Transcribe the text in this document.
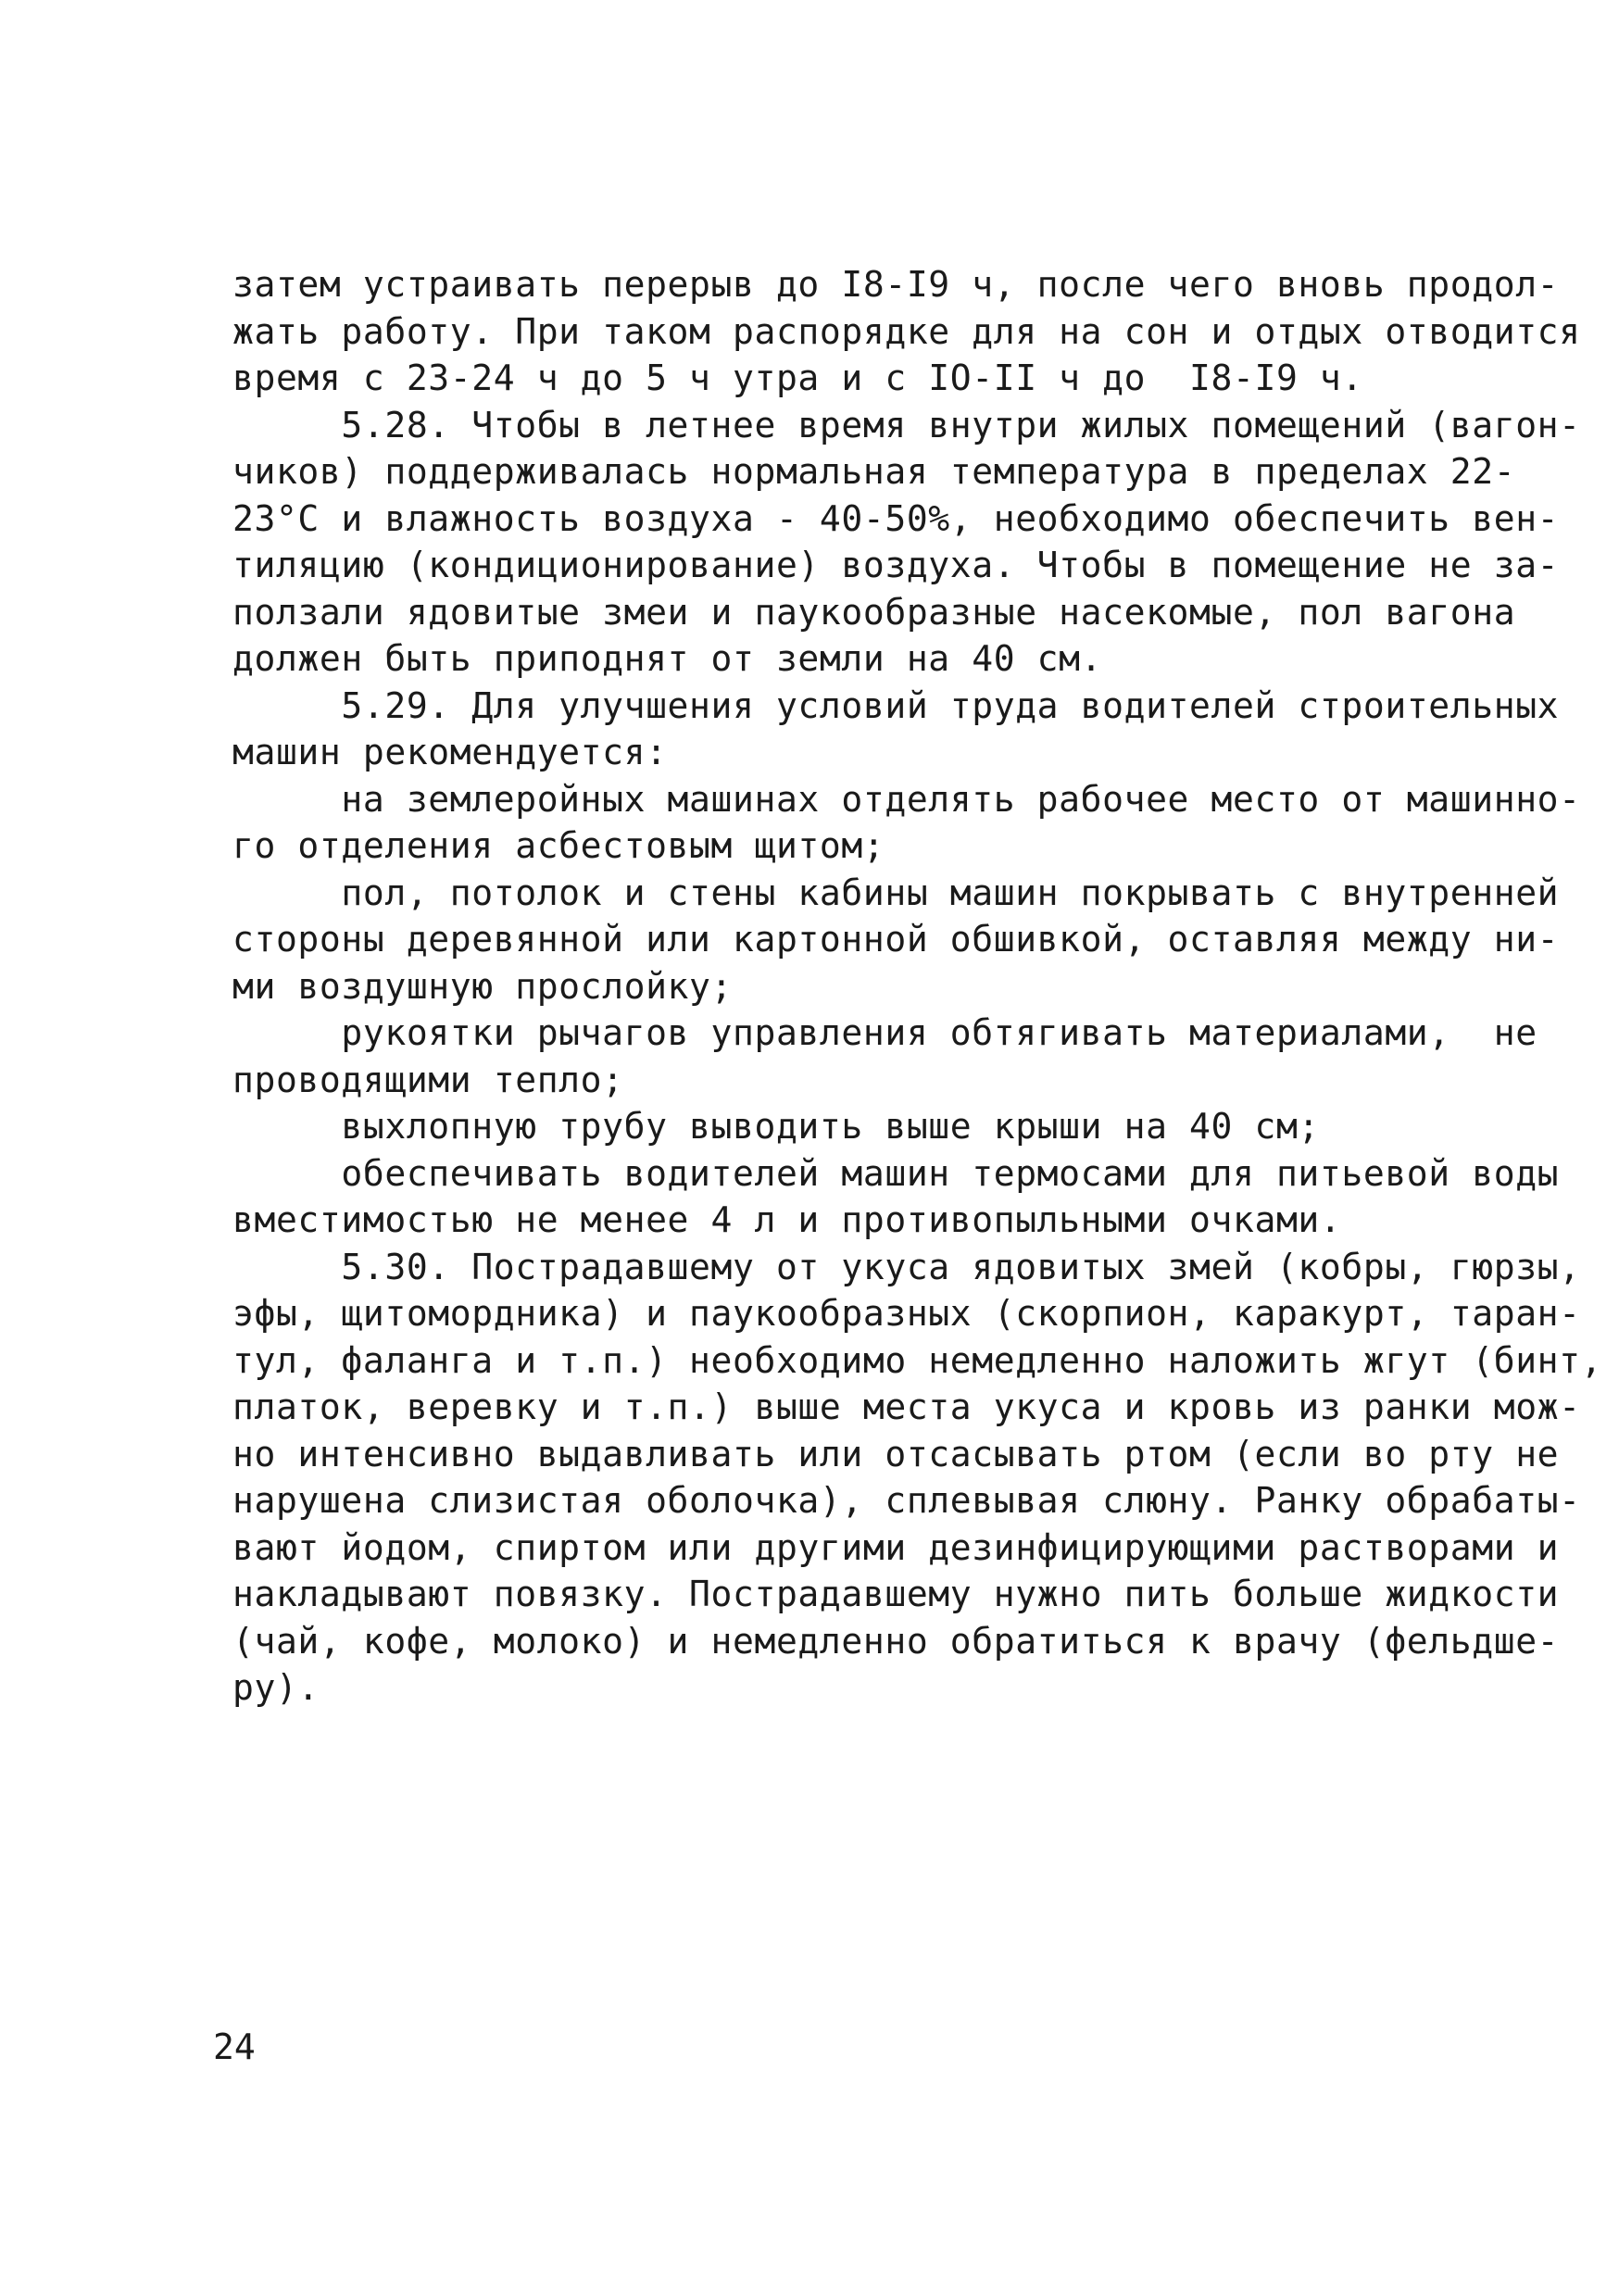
затем устраивать перерыв до I8-I9 ч, после чего вновь продол-
жать работу. При таком распорядке для на сон и отдых отводится
время с 23-24 ч до 5 ч утра и с IO-II ч до  I8-I9 ч.
5.28. Чтобы в летнее время внутри жилых помещений (вагон-
чиков) поддерживалась нормальная температура в пределах 22-
23°С и влажность воздуха - 40-50%, необходимо обеспечить вен-
тиляцию (кондиционирование) воздуха. Чтобы в помещение не за-
ползали ядовитые змеи и паукообразные насекомые, пол вагона
должен быть приподнят от земли на 40 см.
5.29. Для улучшения условий труда водителей строительных
машин рекомендуется:
на землеройных машинах отделять рабочее место от машинно-
го отделения асбестовым щитом;
пол, потолок и стены кабины машин покрывать с внутренней
стороны деревянной или картонной обшивкой, оставляя между ни-
ми воздушную прослойку;
рукоятки рычагов управления обтягивать материалами,  не
проводящими тепло;
выхлопную трубу выводить выше крыши на 40 см;
обеспечивать водителей машин термосами для питьевой воды
вместимостью не менее 4 л и противопыльными очками.
5.30. Пострадавшему от укуса ядовитых змей (кобры, гюрзы,
эфы, щитомордника) и паукообразных (скорпион, каракурт, таран-
тул, фаланга и т.п.) необходимо немедленно наложить жгут (бинт,
платок, веревку и т.п.) выше места укуса и кровь из ранки мож-
но интенсивно выдавливать или отсасывать ртом (если во рту не
нарушена слизистая оболочка), сплевывая слюну. Ранку обрабаты-
вают йодом, спиртом или другими дезинфицирующими растворами и
накладывают повязку. Пострадавшему нужно пить больше жидкости
(чай, кофе, молоко) и немедленно обратиться к врачу (фельдше-
ру).
24
